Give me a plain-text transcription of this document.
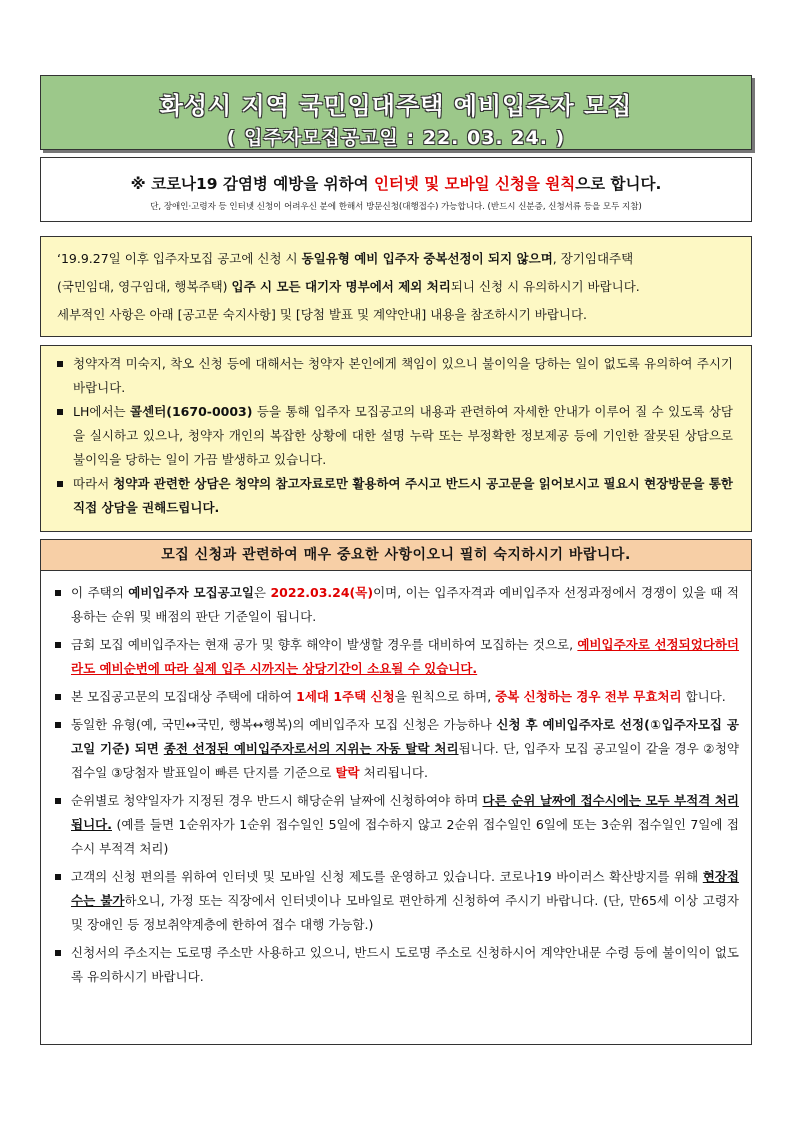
화성시 지역 국민임대주택 예비입주자 모집
( 입주자모집공고일 : 22. 03. 24. )
※ 코로나19 감염병 예방을 위하여 인터넷 및 모바일 신청을 원칙으로 합니다.
단, 장애인·고령자 등 인터넷 신청이 어려우신 분에 한해서 방문신청(대행접수) 가능합니다. (반드시 신분증, 신청서류 등을 모두 지참)
‘19.9.27일 이후 입주자모집 공고에 신청 시 동일유형 예비 입주자 중복선정이 되지 않으며, 장기임대주택
(국민임대, 영구임대, 행복주택) 입주 시 모든 대기자 명부에서 제외 처리되니 신청 시 유의하시기 바랍니다.
세부적인 사항은 아래 [공고문 숙지사항] 및 [당첨 발표 및 계약안내] 내용을 참조하시기 바랍니다.

청약자격 미숙지, 착오 신청 등에 대해서는 청약자 본인에게 책임이 있으니 불이익을 당하는 일이 없도록 유의하여 주시기 바랍니다.

LH에서는 콜센터(1670-0003) 등을 통해 입주자 모집공고의 내용과 관련하여 자세한 안내가 이루어 질 수 있도록 상담을 실시하고 있으나, 청약자 개인의 복잡한 상황에 대한 설명 누락 또는 부정확한 정보제공 등에 기인한 잘못된 상담으로 불이익을 당하는 일이 가끔 발생하고 있습니다.

따라서 청약과 관련한 상담은 청약의 참고자료로만 활용하여 주시고 반드시 공고문을 읽어보시고 필요시 현장방문을 통한 직접 상담을 권해드립니다.

모집 신청과 관련하여 매우 중요한 사항이오니 필히 숙지하시기 바랍니다.

이 주택의 예비입주자 모집공고일은 2022.03.24(목)이며, 이는 입주자격과 예비입주자 선정과정에서 경쟁이 있을 때 적용하는 순위 및 배점의 판단 기준일이 됩니다.

금회 모집 예비입주자는 현재 공가 및 향후 해약이 발생할 경우를 대비하여 모집하는 것으로, 예비입주자로 선정되었다하더라도 예비순번에 따라 실제 입주 시까지는 상당기간이 소요될 수 있습니다.

본 모집공고문의 모집대상 주택에 대하여 1세대 1주택 신청을 원칙으로 하며, 중복 신청하는 경우 전부 무효처리 합니다.

동일한 유형(예, 국민↔국민, 행복↔행복)의 예비입주자 모집 신청은 가능하나 신청 후 예비입주자로 선정(①입주자모집 공고일 기준) 되면 종전 선정된 예비입주자로서의 지위는 자동 탈락 처리됩니다. 단, 입주자 모집 공고일이 같을 경우 ②청약 접수일 ③당첨자 발표일이 빠른 단지를 기준으로 탈락 처리됩니다.

순위별로 청약일자가 지정된 경우 반드시 해당순위 날짜에 신청하여야 하며 다른 순위 날짜에 접수시에는 모두 부적격 처리됩니다. (예를 들면 1순위자가 1순위 접수일인 5일에 접수하지 않고 2순위 접수일인 6일에 또는 3순위 접수일인 7일에 접수시 부적격 처리)

고객의 신청 편의를 위하여 인터넷 및 모바일 신청 제도를 운영하고 있습니다. 코로나19 바이러스 확산방지를 위해 현장접수는 불가하오니, 가정 또는 직장에서 인터넷이나 모바일로 편안하게 신청하여 주시기 바랍니다. (단, 만65세 이상 고령자 및 장애인 등 정보취약계층에 한하여 접수 대행 가능함.)

신청서의 주소지는 도로명 주소만 사용하고 있으니, 반드시 도로명 주소로 신청하시어 계약안내문 수령 등에 불이익이 없도록 유의하시기 바랍니다.
